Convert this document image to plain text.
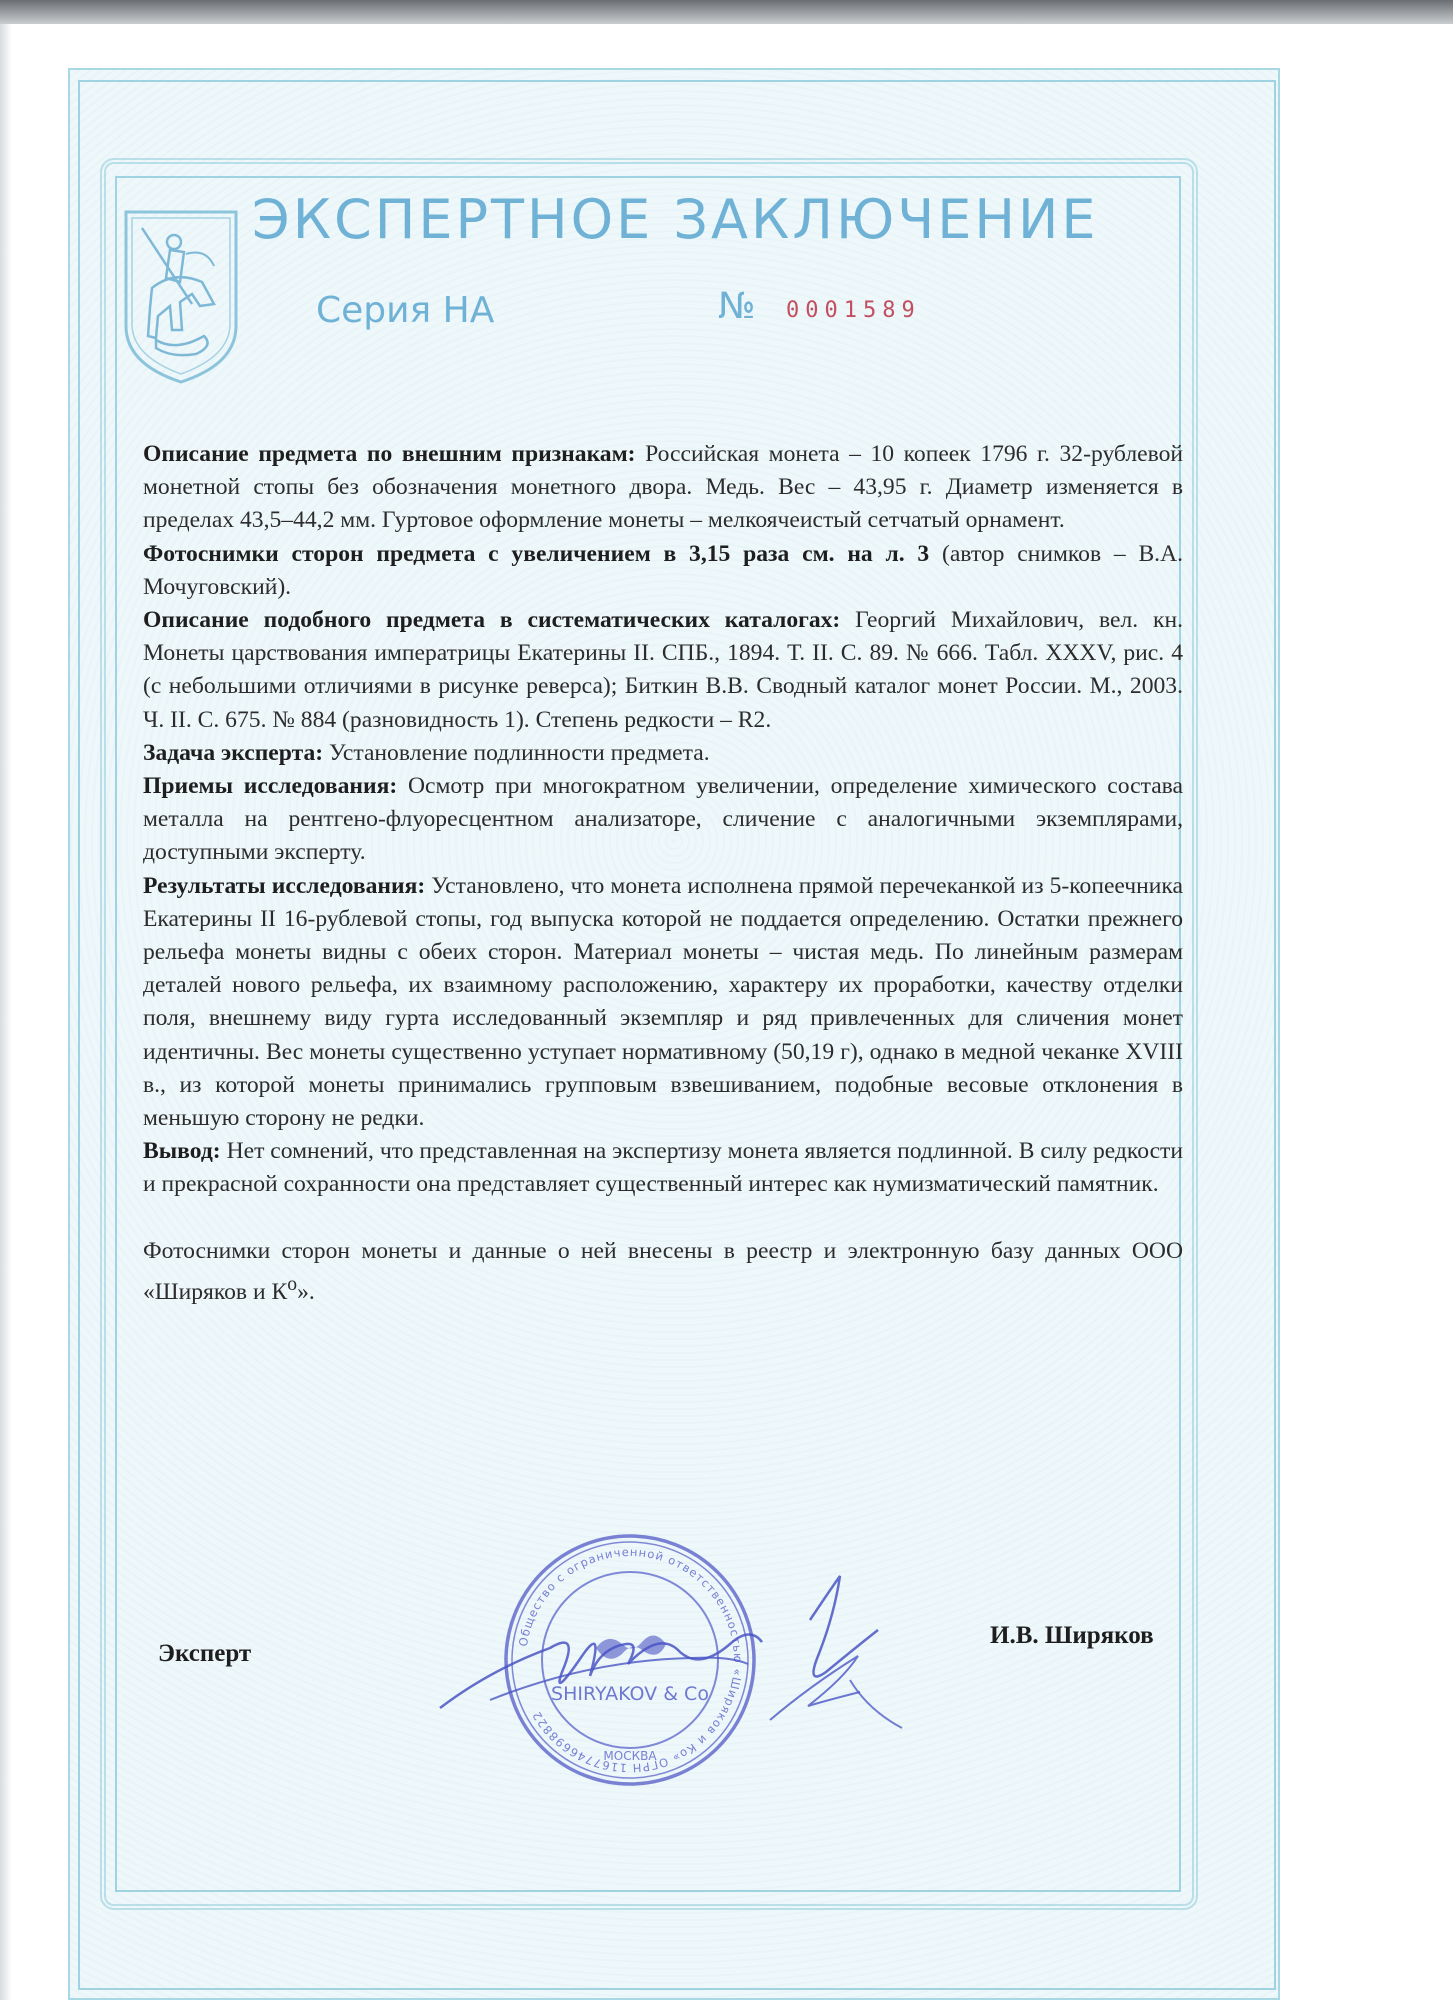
ЭКСПЕРТНОЕ ЗАКЛЮЧЕНИЕ
Серия НА	№ 0001589

Описание предмета по внешним признакам: Российская монета – 10 копеек 1796 г. 32-рублевой монетной стопы без обозначения монетного двора. Медь. Вес – 43,95 г. Диаметр изменяется в пределах 43,5–44,2 мм. Гуртовое оформление монеты – мелкоячеистый сетчатый орнамент.

Фотоснимки сторон предмета с увеличением в 3,15 раза см. на л. 3 (автор снимков – В.А. Мочуговский).

Описание подобного предмета в систематических каталогах: Георгий Михайлович, вел. кн. Монеты царствования императрицы Екатерины II. СПБ., 1894. Т. II. С. 89. № 666. Табл. XXXV, рис. 4 (с небольшими отличиями в рисунке реверса); Биткин В.В. Сводный каталог монет России. М., 2003. Ч. II. С. 675. № 884 (разновидность 1). Степень редкости – R2.

Задача эксперта: Установление подлинности предмета.

Приемы исследования: Осмотр при многократном увеличении, определение химического состава металла на рентгено-флуоресцентном анализаторе, сличение с аналогичными экземплярами, доступными эксперту.

Результаты исследования: Установлено, что монета исполнена прямой перечеканкой из 5-копеечника Екатерины II 16-рублевой стопы, год выпуска которой не поддается определению. Остатки прежнего рельефа монеты видны с обеих сторон. Материал монеты – чистая медь. По линейным размерам деталей нового рельефа, их взаимному расположению, характеру их проработки, качеству отделки поля, внешнему виду гурта исследованный экземпляр и ряд привлеченных для сличения монет идентичны. Вес монеты существенно уступает нормативному (50,19 г), однако в медной чеканке XVIII в., из которой монеты принимались групповым взвешиванием, подобные весовые отклонения в меньшую сторону не редки.

Вывод: Нет сомнений, что представленная на экспертизу монета является подлинной. В силу редкости и прекрасной сохранности она представляет существенный интерес как нумизматический памятник.

Фотоснимки сторон монеты и данные о ней внесены в реестр и электронную базу данных ООО «Ширяков и $К^о$».

Эксперт
И.В. Ширяков
Общество с ограниченной ответственностью «Ширяков и Ко» ОГРН 1167746698822
SHIRYAKOV & Co
МОСКВА
